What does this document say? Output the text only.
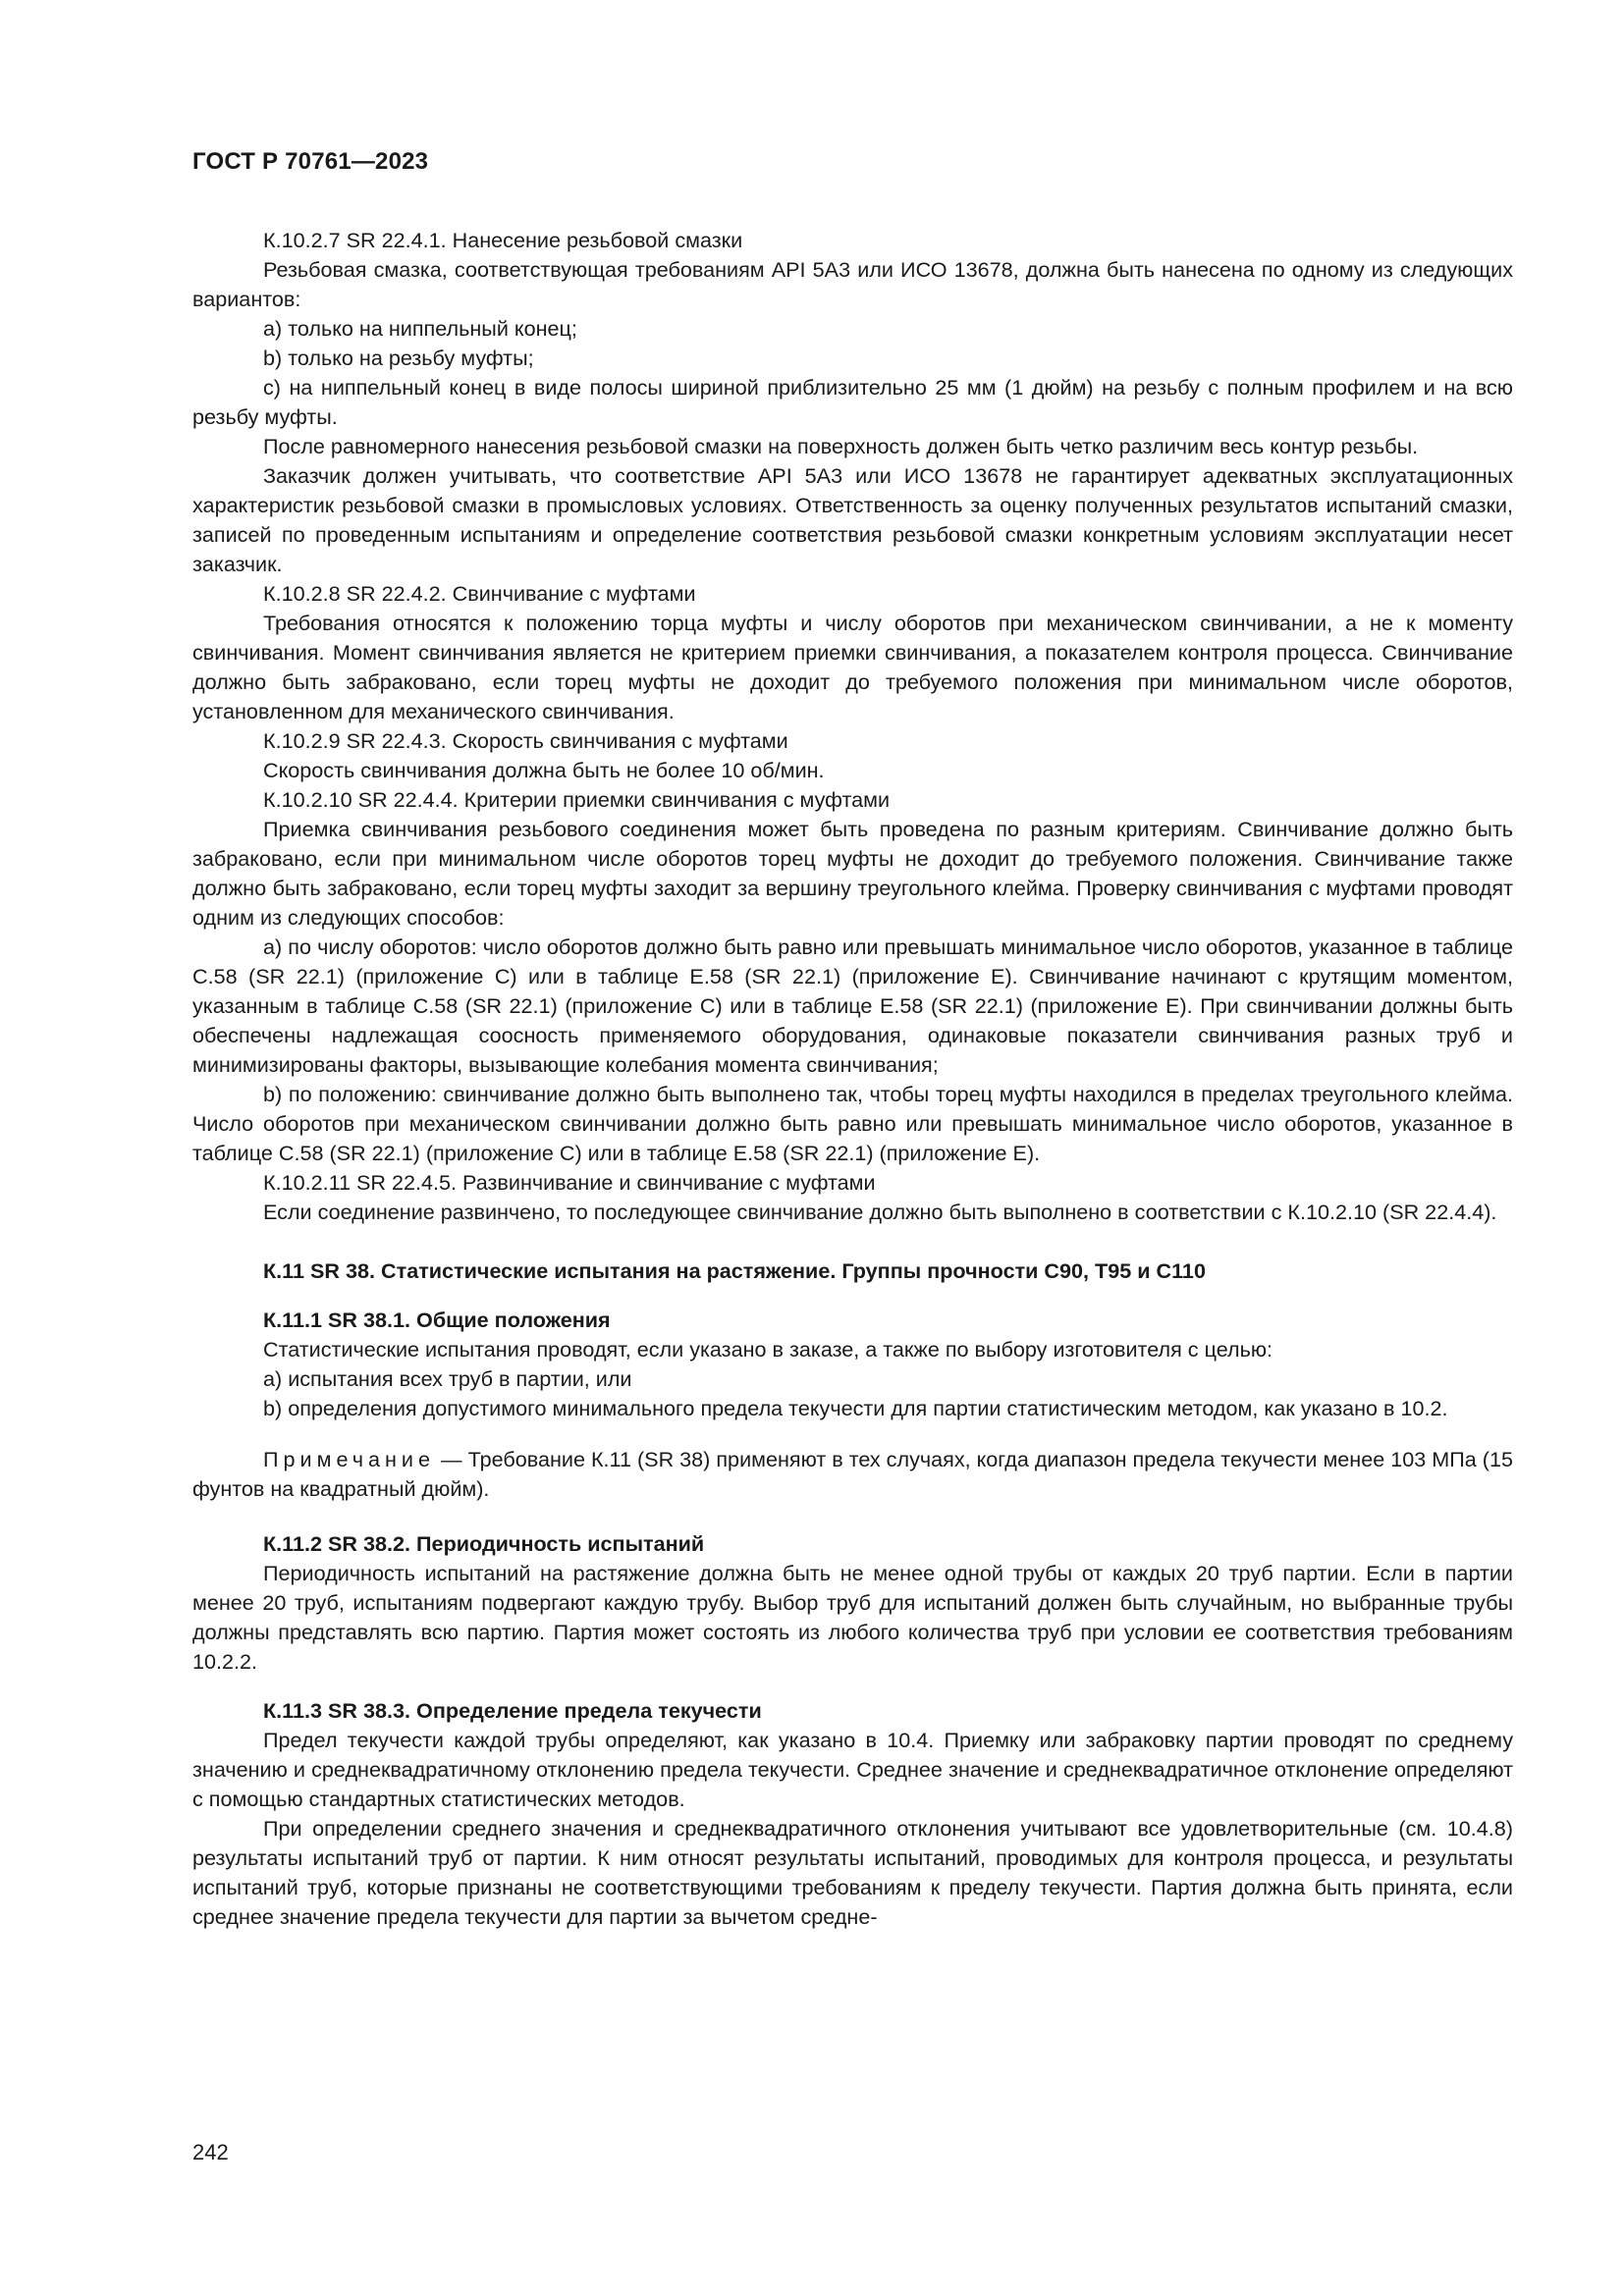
ГОСТ Р 70761—2023

К.10.2.7 SR 22.4.1. Нанесение резьбовой смазки

Резьбовая смазка, соответствующая требованиям API 5A3 или ИСО 13678, должна быть нанесена по одному из следующих вариантов:

a) только на ниппельный конец;

b) только на резьбу муфты;

c) на ниппельный конец в виде полосы шириной приблизительно 25 мм (1 дюйм) на резьбу с полным профилем и на всю резьбу муфты.

После равномерного нанесения резьбовой смазки на поверхность должен быть четко различим весь контур резьбы.

Заказчик должен учитывать, что соответствие API 5A3 или ИСО 13678 не гарантирует адекватных эксплуатационных характеристик резьбовой смазки в промысловых условиях. Ответственность за оценку полученных результатов испытаний смазки, записей по проведенным испытаниям и определение соответствия резьбовой смазки конкретным условиям эксплуатации несет заказчик.

К.10.2.8 SR 22.4.2. Свинчивание с муфтами

Требования относятся к положению торца муфты и числу оборотов при механическом свинчивании, а не к моменту свинчивания. Момент свинчивания является не критерием приемки свинчивания, а показателем контроля процесса. Свинчивание должно быть забраковано, если торец муфты не доходит до требуемого положения при минимальном числе оборотов, установленном для механического свинчивания.

К.10.2.9 SR 22.4.3. Скорость свинчивания с муфтами

Скорость свинчивания должна быть не более 10 об/мин.

К.10.2.10 SR 22.4.4. Критерии приемки свинчивания с муфтами

Приемка свинчивания резьбового соединения может быть проведена по разным критериям. Свинчивание должно быть забраковано, если при минимальном числе оборотов торец муфты не доходит до требуемого положения. Свинчивание также должно быть забраковано, если торец муфты заходит за вершину треугольного клейма. Проверку свинчивания с муфтами проводят одним из следующих способов:

a) по числу оборотов: число оборотов должно быть равно или превышать минимальное число оборотов, указанное в таблице С.58 (SR 22.1) (приложение С) или в таблице E.58 (SR 22.1) (приложение E). Свинчивание начинают с крутящим моментом, указанным в таблице С.58 (SR 22.1) (приложение С) или в таблице E.58 (SR 22.1) (приложение E). При свинчивании должны быть обеспечены надлежащая соосность применяемого оборудования, одинаковые показатели свинчивания разных труб и минимизированы факторы, вызывающие колебания момента свинчивания;

b) по положению: свинчивание должно быть выполнено так, чтобы торец муфты находился в пределах треугольного клейма. Число оборотов при механическом свинчивании должно быть равно или превышать минимальное число оборотов, указанное в таблице С.58 (SR 22.1) (приложение С) или в таблице E.58 (SR 22.1) (приложение E).

К.10.2.11 SR 22.4.5. Развинчивание и свинчивание с муфтами

Если соединение развинчено, то последующее свинчивание должно быть выполнено в соответствии с К.10.2.10 (SR 22.4.4).

К.11 SR 38. Статистические испытания на растяжение. Группы прочности С90, Т95 и С110

К.11.1 SR 38.1. Общие положения

Статистические испытания проводят, если указано в заказе, а также по выбору изготовителя с целью:

a) испытания всех труб в партии, или

b) определения допустимого минимального предела текучести для партии статистическим методом, как указано в 10.2.

Примечание — Требование К.11 (SR 38) применяют в тех случаях, когда диапазон предела текучести менее 103 МПа (15 фунтов на квадратный дюйм).

К.11.2 SR 38.2. Периодичность испытаний

Периодичность испытаний на растяжение должна быть не менее одной трубы от каждых 20 труб партии. Если в партии менее 20 труб, испытаниям подвергают каждую трубу. Выбор труб для испытаний должен быть случайным, но выбранные трубы должны представлять всю партию. Партия может состоять из любого количества труб при условии ее соответствия требованиям 10.2.2.

К.11.3 SR 38.3. Определение предела текучести

Предел текучести каждой трубы определяют, как указано в 10.4. Приемку или забраковку партии проводят по среднему значению и среднеквадратичному отклонению предела текучести. Среднее значение и среднеквадратичное отклонение определяют с помощью стандартных статистических методов.

При определении среднего значения и среднеквадратичного отклонения учитывают все удовлетворительные (см. 10.4.8) результаты испытаний труб от партии. К ним относят результаты испытаний, проводимых для контроля процесса, и результаты испытаний труб, которые признаны не соответствующими требованиям к пределу текучести. Партия должна быть принята, если среднее значение предела текучести для партии за вычетом средне-

242
